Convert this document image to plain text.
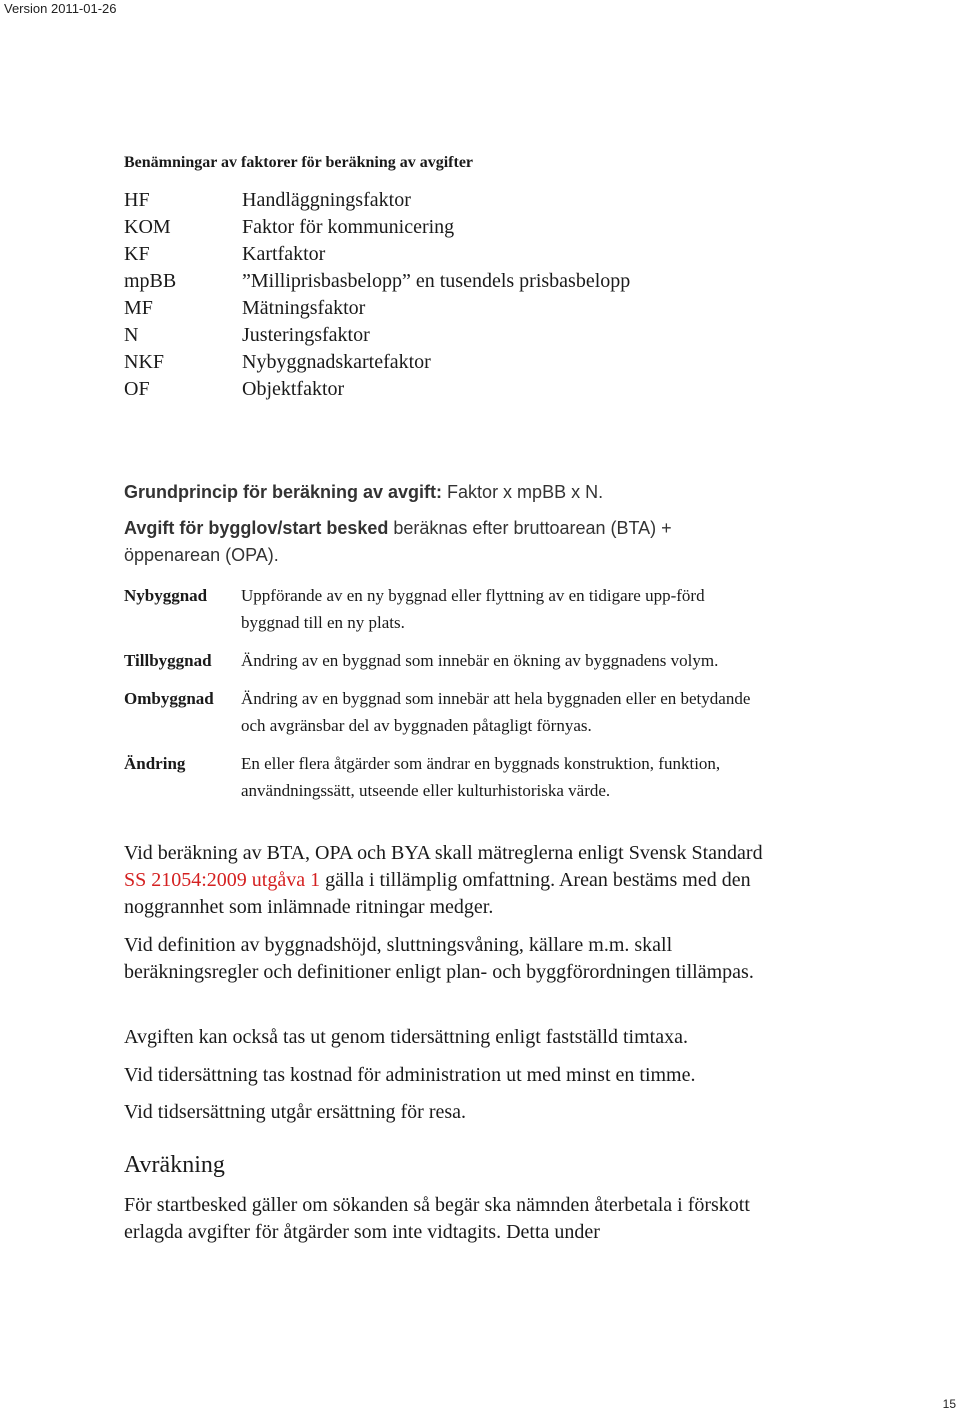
Version 2011-01-26
Benämningar av faktorer för beräkning av avgifter
HF	Handläggningsfaktor
KOM	Faktor för kommunicering
KF	Kartfaktor
mpBB	”Milliprisbasbelopp” en tusendels prisbasbelopp
MF	Mätningsfaktor
N	Justeringsfaktor
NKF	Nybyggnadskartefaktor
OF	Objektfaktor
Grundprincip för beräkning av avgift: Faktor x mpBB x N.
Avgift för bygglov/start besked beräknas efter bruttoarean (BTA) + öppenarean (OPA).
Nybyggnad	Uppförande av en ny byggnad eller flyttning av en tidigare upp-förd byggnad till en ny plats.
Tillbyggnad	Ändring av en byggnad som innebär en ökning av byggnadens volym.
Ombyggnad	Ändring av en byggnad som innebär att hela byggnaden eller en betydande och avgränsbar del av byggnaden påtagligt förnyas.
Ändring	En eller flera åtgärder som ändrar en byggnads konstruktion, funktion, användningssätt, utseende eller kulturhistoriska värde.
Vid beräkning av BTA, OPA och BYA skall mätreglerna enligt Svensk Standard SS 21054:2009 utgåva 1 gälla i tillämplig omfattning. Arean bestäms med den noggrannhet som inlämnade ritningar medger.
Vid definition av byggnadshöjd, sluttningsvåning, källare m.m. skall beräkningsregler och definitioner enligt plan- och byggförordningen tillämpas.
Avgiften kan också tas ut genom tidersättning enligt fastställd timtaxa.
Vid tidersättning tas kostnad för administration ut med minst en timme.
Vid tidsersättning utgår ersättning för resa.
Avräkning
För startbesked gäller om sökanden så begär ska nämnden återbetala i förskott erlagda avgifter för åtgärder som inte vidtagits. Detta under
15
